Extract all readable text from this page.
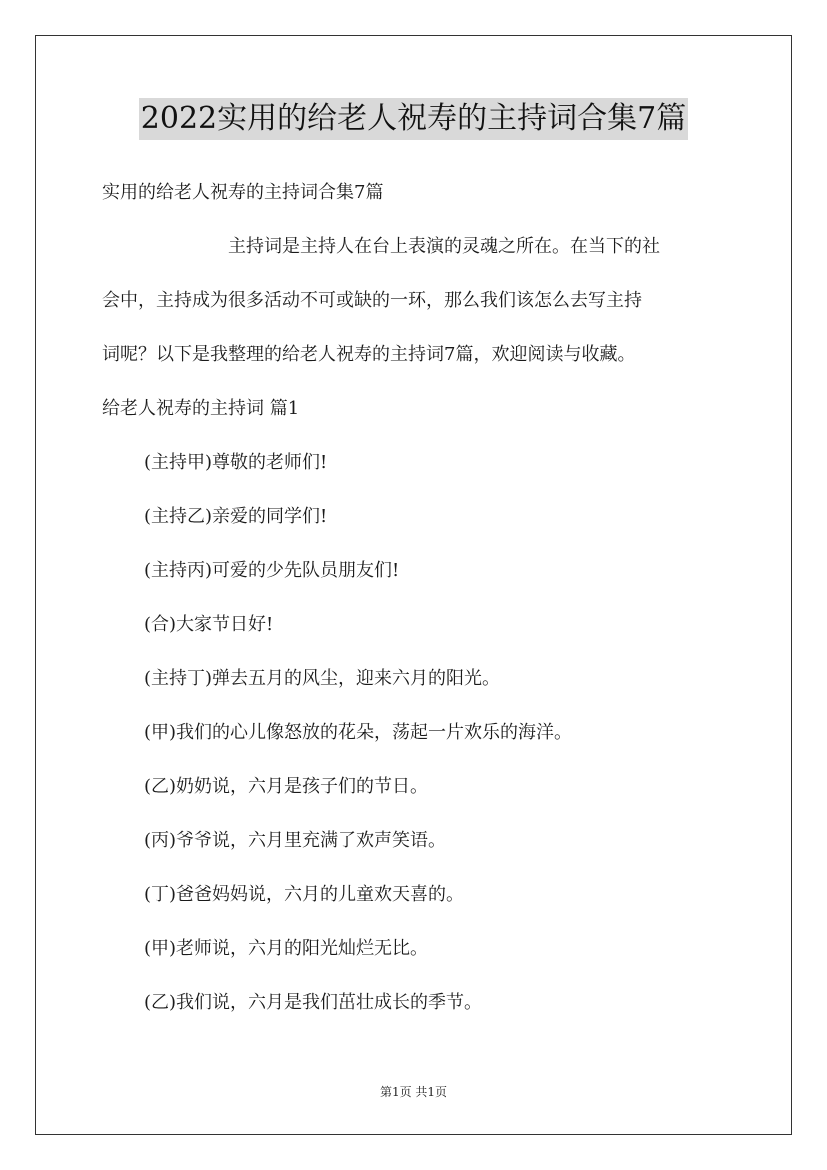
2022实用的给老人祝寿的主持词合集7篇
实用的给老人祝寿的主持词合集7篇
主持词是主持人在台上表演的灵魂之所在。在当下的社
会中，主持成为很多活动不可或缺的一环，那么我们该怎么去写主持
词呢？以下是我整理的给老人祝寿的主持词7篇，欢迎阅读与收藏。
给老人祝寿的主持词 篇1
(主持甲)尊敬的老师们!
(主持乙)亲爱的同学们!
(主持丙)可爱的少先队员朋友们!
(合)大家节日好!
(主持丁)弹去五月的风尘，迎来六月的阳光。
(甲)我们的心儿像怒放的花朵，荡起一片欢乐的海洋。
(乙)奶奶说，六月是孩子们的节日。
(丙)爷爷说，六月里充满了欢声笑语。
(丁)爸爸妈妈说，六月的儿童欢天喜的。
(甲)老师说，六月的阳光灿烂无比。
(乙)我们说，六月是我们茁壮成长的季节。
第1页 共1页
